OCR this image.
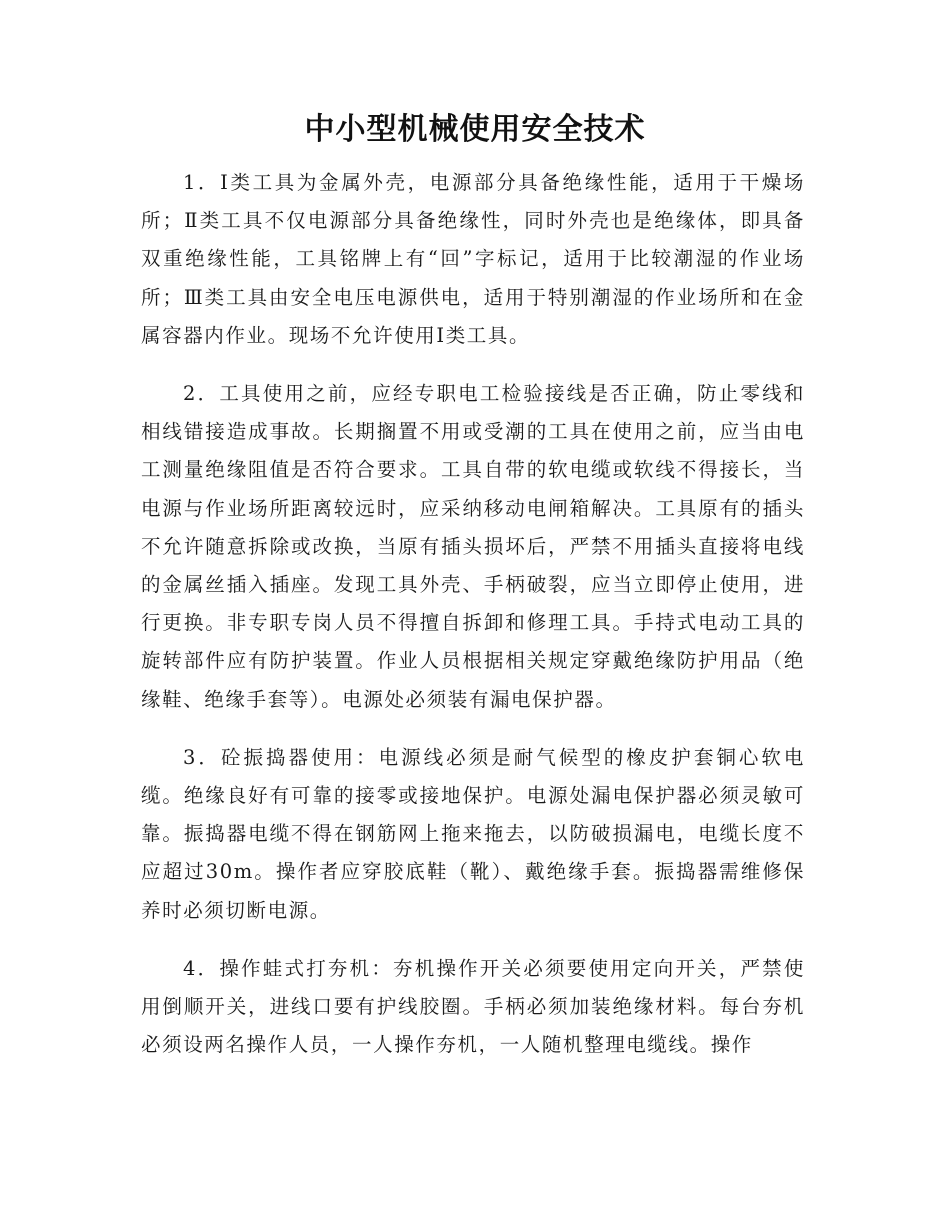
中小型机械使用安全技术

1．Ⅰ类工具为金属外壳，电源部分具备绝缘性能，适用于干燥场所；Ⅱ类工具不仅电源部分具备绝缘性，同时外壳也是绝缘体，即具备双重绝缘性能，工具铭牌上有“回”字标记，适用于比较潮湿的作业场所；Ⅲ类工具由安全电压电源供电，适用于特别潮湿的作业场所和在金属容器内作业。现场不允许使用Ⅰ类工具。

2．工具使用之前，应经专职电工检验接线是否正确，防止零线和相线错接造成事故。长期搁置不用或受潮的工具在使用之前，应当由电工测量绝缘阻值是否符合要求。工具自带的软电缆或软线不得接长，当电源与作业场所距离较远时，应采纳移动电闸箱解决。工具原有的插头不允许随意拆除或改换，当原有插头损坏后，严禁不用插头直接将电线的金属丝插入插座。发现工具外壳、手柄破裂，应当立即停止使用，进行更换。非专职专岗人员不得擅自拆卸和修理工具。手持式电动工具的旋转部件应有防护装置。作业人员根据相关规定穿戴绝缘防护用品（绝缘鞋、绝缘手套等）。电源处必须装有漏电保护器。

3．砼振捣器使用：电源线必须是耐气候型的橡皮护套铜心软电缆。绝缘良好有可靠的接零或接地保护。电源处漏电保护器必须灵敏可靠。振捣器电缆不得在钢筋网上拖来拖去，以防破损漏电，电缆长度不应超过30m。操作者应穿胶底鞋（靴）、戴绝缘手套。振捣器需维修保养时必须切断电源。

4．操作蛙式打夯机：夯机操作开关必须要使用定向开关，严禁使用倒顺开关，进线口要有护线胶圈。手柄必须加装绝缘材料。每台夯机必须设两名操作人员，一人操作夯机，一人随机整理电缆线。操作
